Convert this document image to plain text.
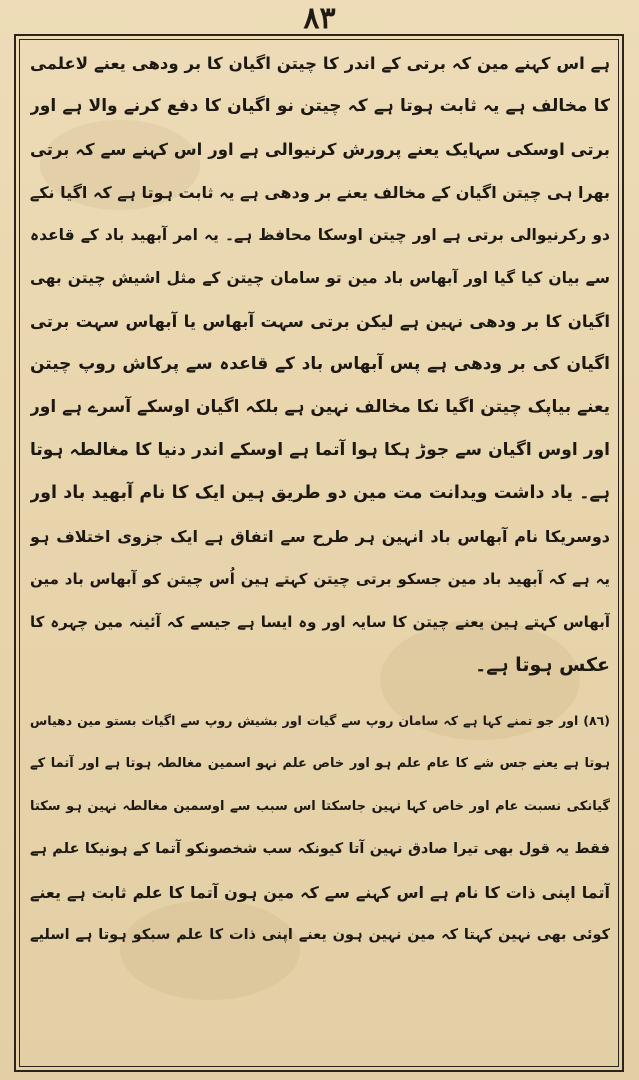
٨٣
ہے اس کہنے مین کہ برتی کے اندر کا چیتن اگیان کا بر ودھی یعنے لاعلمی
کا مخالف ہے یہ ثابت ہوتا ہے کہ چیتن نو اگیان کا دفع کرنے والا ہے اور
برتی اوسکی سہایک یعنے پرورش کرنیوالی ہے اور اس کہنے سے کہ برتی
بھرا ہی چیتن اگیان کے مخالف یعنے بر ودھی ہے یہ ثابت ہوتا ہے کہ اگیا نکے
دو رکرنیوالی برتی ہے اور چیتن اوسکا محافظ ہے۔ یہ امر آبھید باد کے قاعدہ
سے بیان کیا گیا اور آبھاس باد مین تو سامان چیتن کے مثل اشیش چیتن بھی
اگیان کا بر ودھی نہین ہے لیکن برتی سہت آبھاس یا آبھاس سہت برتی
اگیان کی بر ودھی ہے پس آبھاس باد کے قاعدہ سے پرکاش روپ چیتن
یعنے بیاپک چیتن اگیا نکا مخالف نہین ہے بلکہ اگیان اوسکے آسرے ہے اور
اور اوس اگیان سے جوڑ ہکا ہوا آتما ہے اوسکے اندر دنیا کا مغالطہ ہوتا
ہے۔ یاد داشت ویدانت مت مین دو طریق ہین ایک کا نام آبھید باد اور
دوسریکا نام آبھاس باد انہین ہر طرح سے اتفاق ہے ایک جزوی اختلاف ہو
یہ ہے کہ آبھید باد مین جسکو برتی چیتن کہتے ہین اُس چیتن کو آبھاس باد مین
آبھاس کہتے ہین یعنے چیتن کا سایہ اور وہ ایسا ہے جیسے کہ آئینہ مین چہرہ کا
عکس ہوتا ہے۔
(٨٦) اور جو تمنے کہا ہے کہ سامان روپ سے گیات اور بشیش روپ سے اگیات بستو مین دھیاس
ہوتا ہے یعنے جس شے کا عام علم ہو اور خاص علم نہو اسمین مغالطہ ہوتا ہے اور آتما کے
گیانکی نسبت عام اور خاص کہا نہین جاسکتا اس سبب سے اوسمین مغالطہ نہین ہو سکتا
فقط یہ قول بھی تیرا صادق نہین آتا کیونکہ سب شخصونکو آتما کے ہونیکا علم ہے
آتما اپنی ذات کا نام ہے اس کہنے سے کہ مین ہون آتما کا علم ثابت ہے یعنے
کوئی بھی نہین کہتا کہ مین نہین ہون یعنے اپنی ذات کا علم سبکو ہوتا ہے اسلیے
